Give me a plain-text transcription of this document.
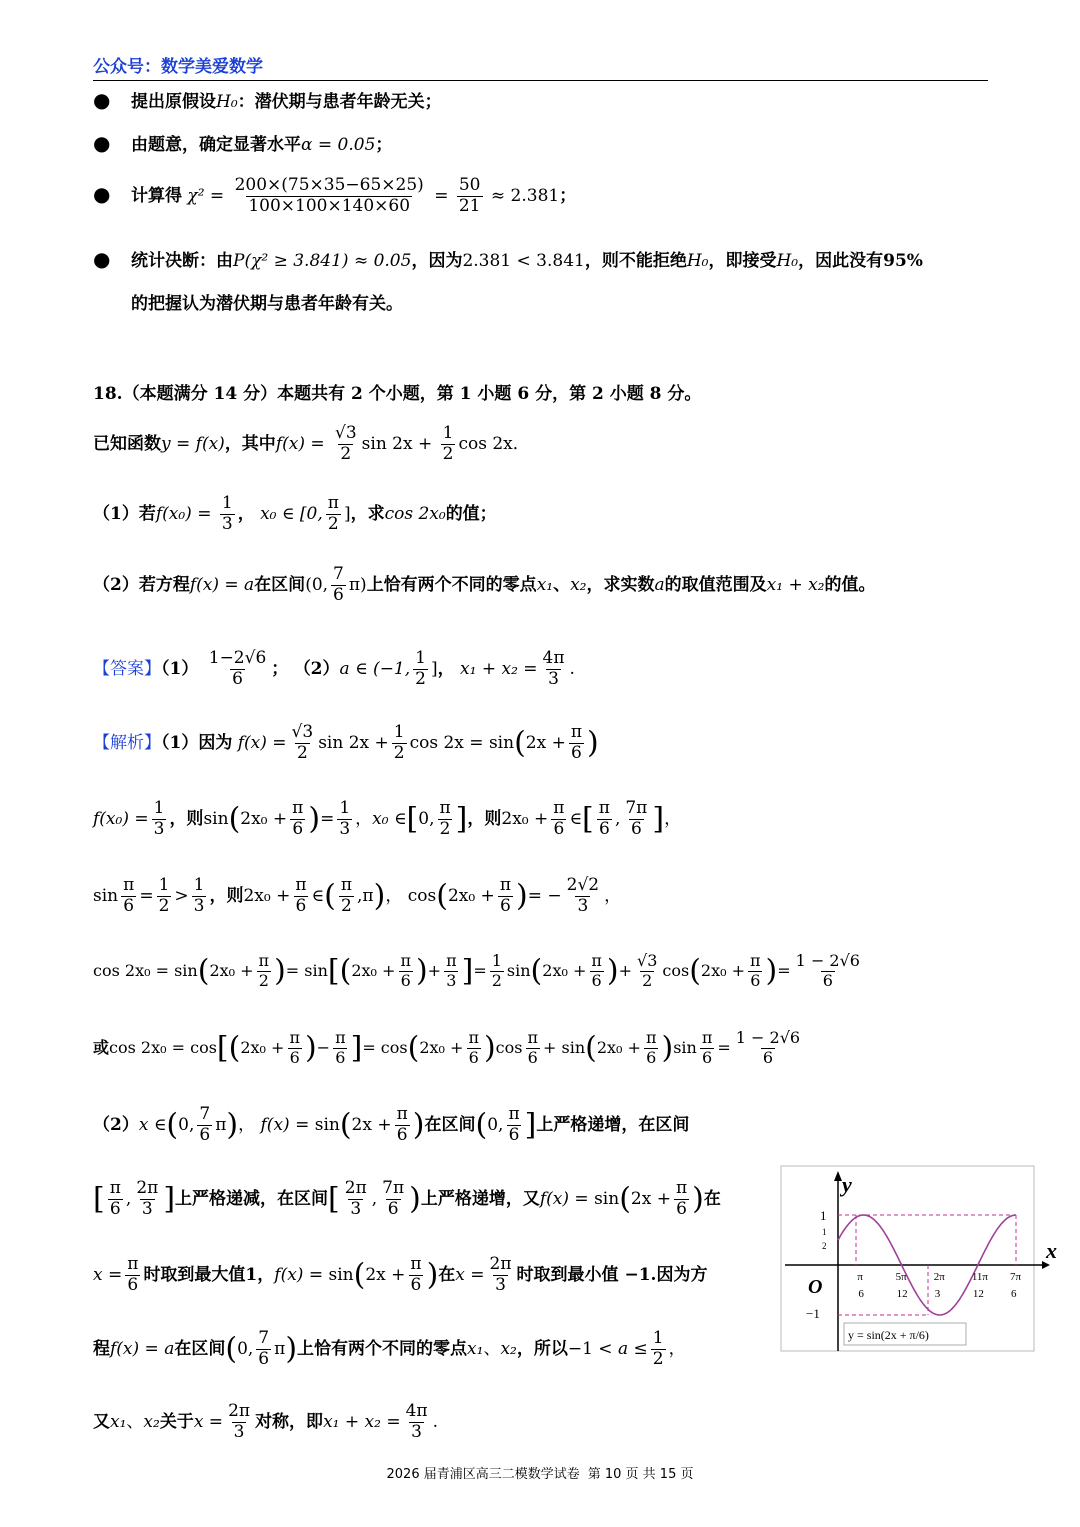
公众号：数学美爱数学
● 提出原假设H₀：潜伏期与患者年龄无关；
● 由题意，确定显著水平α = 0.05；
● 计算得 $\chi^2 = \frac{200\times(75\times 35-65\times 25)}{100\times 100\times 140\times 60} = \frac{50}{21} \approx 2.381$；
● 统计决断：由P(χ² ≥ 3.841) ≈ 0.05，因为2.381 < 3.841，则不能拒绝H₀，即接受H₀，因此没有95%
的把握认为潜伏期与患者年龄有关。
18.（本题满分 14 分）本题共有 2 个小题，第 1 小题 6 分，第 2 小题 8 分。
已知函数y = f(x)，其中$f(x) = \frac{√3}{2}$ $\sin 2x + \frac{1}{2}$ cos 2x．
（1）若$f(x_0) = \frac{1}{3}$ ， x₀ ∈ [0, $\frac{\pi}{2}$ ]，求cos 2x₀的值；
（2）若方程f(x) = a在区间(0, $\frac{7}{6} \pi$)上恰有两个不同的零点x₁、x₂，求实数a的取值范围及x₁ + x₂的值。
【答案】$(1) \frac{1-2√6}{6}$ ； （2）a ∈ (−1, $\frac{1}{2}$ ]， $x_1 + x_2 = \frac{4\pi}{3}$ .
【解析】（1）因为 $f(x) = \frac{√3}{2}$ $\sin 2x + \frac{1}{2}$ $\cos 2x = \sin(2x + \frac{\pi}{6}$ )
$f(x_0) = \frac{1}{3}$ ，则$\sin(2x_0 + \frac{\pi}{6}$ )= $\frac{1}{3}$ ，x₀ ∈[0, $\frac{\pi}{2}$ ]，则$2x_0 + \frac{\pi}{6}$ ∈[ $\frac{\pi}{6}$ , $\frac{7\pi}{6}$ ]，
$\sin \frac{\pi}{6} = \frac{1}{2} > \frac{1}{3}$ ，则$2x_0 + \frac{\pi}{6}$ ∈( $\frac{\pi}{2} ,\pi$)， $\cos(2x_0 + \frac{\pi}{6}$ )= − $\frac{2√2}{3}$ ，
$\cos 2x_0 = \sin(2x_0 + \frac{\pi}{2}$ )= $\sin[(2x_0 + \frac{\pi}{6}$ )+ $\frac{\pi}{3}$ ]= $\frac{1}{2} \sin(2x_0 + \frac{\pi}{6}$ )+ $\frac{√3}{2} \cos(2x_0 + \frac{\pi}{6}$ )= $\frac{1 - 2√6}{6}$
或$\cos 2x_0 = \cos[(2x_0 + \frac{\pi}{6}$ )− $\frac{\pi}{6}$ ]= $\cos(2x_0 + \frac{\pi}{6} )\cos \frac{\pi}{6} + \sin(2x_0 + \frac{\pi}{6} )\sin \frac{\pi}{6} = \frac{1 - 2√6}{6}$
（2）x ∈(0, $\frac{7}{6} \pi$)， $f(x) = \sin(2x + \frac{\pi}{6}$ )在区间(0, $\frac{\pi}{6}$ ]上严格递增，在区间
[ $\frac{\pi}{6}$ , $\frac{2\pi}{3}$ ]上严格递减，在区间[ $\frac{2\pi}{3}$ , $\frac{7\pi}{6}$ )上严格递增，又$f(x) = \sin(2x + \frac{\pi}{6}$ )在
$x = \frac{\pi}{6}$ 时取到最大值1，$f(x) = \sin(2x + \frac{\pi}{6}$ )在$x = \frac{2\pi}{3}$ 时取到最小值 −1.因为方
程f(x) = a在区间(0, $\frac{7}{6} \pi$)上恰有两个不同的零点x₁、x₂，所以$-1 < a \le \frac{1}{2}$ ，
又x₁、x₂关于$x = \frac{2\pi}{3}$ 对称，即$x_1 + x_2 = \frac{4\pi}{3}$ .
y
x
O
1
1
2
−1
π
6
5π
12
2π
3
11π
12
7π
6
y = sin(2x + π/6)
2026 届青浦区高三二模数学试卷 第 10 页 共 15 页
